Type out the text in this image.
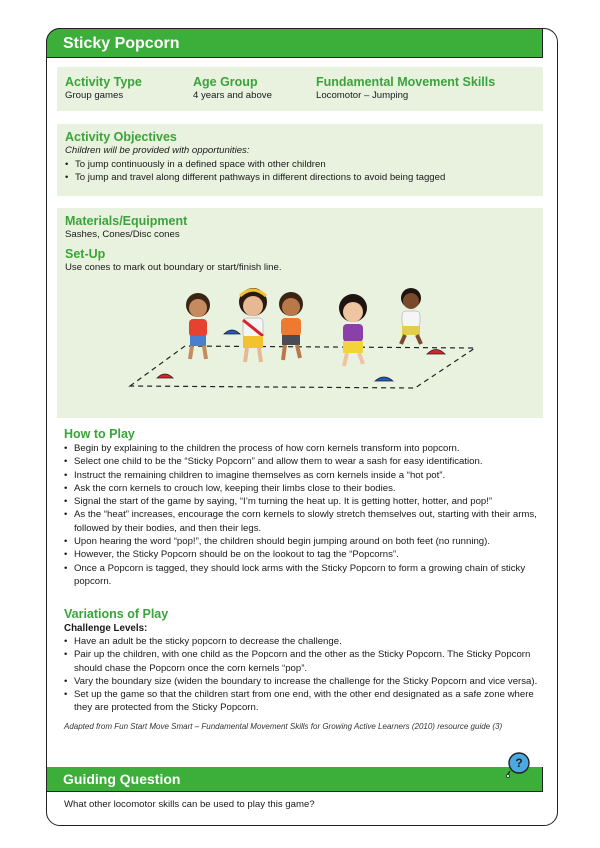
Sticky Popcorn

Activity Type

Group games

Age Group

4 years and above

Fundamental Movement Skills

Locomotor – Jumping

Activity Objectives

Children will be provided with opportunities:

• To jump continuously in a defined space with other children
• To jump and travel along different pathways in different directions to avoid being tagged

Materials/Equipment

Sashes, Cones/Disc cones

Set-Up

Use cones to mark out boundary or start/finish line.

How to Play

• Begin by explaining to the children the process of how corn kernels transform into popcorn.
• Select one child to be the “Sticky Popcorn” and allow them to wear a sash for easy identification.
• Instruct the remaining children to imagine themselves as corn kernels inside a “hot pot”.
• Ask the corn kernels to crouch low, keeping their limbs close to their bodies.
• Signal the start of the game by saying, “I’m turning the heat up. It is getting hotter, hotter, and pop!”
• As the “heat” increases, encourage the corn kernels to slowly stretch themselves out, starting with their arms, followed by their bodies, and then their legs.
• Upon hearing the word “pop!”, the children should begin jumping around on both feet (no running).
• However, the Sticky Popcorn should be on the lookout to tag the “Popcorns”.
• Once a Popcorn is tagged, they should lock arms with the Sticky Popcorn to form a growing chain of sticky popcorn.

Variations of Play

Challenge Levels:

• Have an adult be the sticky popcorn to decrease the challenge.
• Pair up the children, with one child as the Popcorn and the other as the Sticky Popcorn. The Sticky Popcorn should chase the Popcorn once the corn kernels “pop”.
• Vary the boundary size (widen the boundary to increase the challenge for the Sticky Popcorn and vice versa).
• Set up the game so that the children start from one end, with the other end designated as a safe zone where they are protected from the Sticky Popcorn.

Adapted from Fun Start Move Smart – Fundamental Movement Skills for Growing Active Learners (2010) resource guide (3)

Guiding Question
?
What other locomotor skills can be used to play this game?
